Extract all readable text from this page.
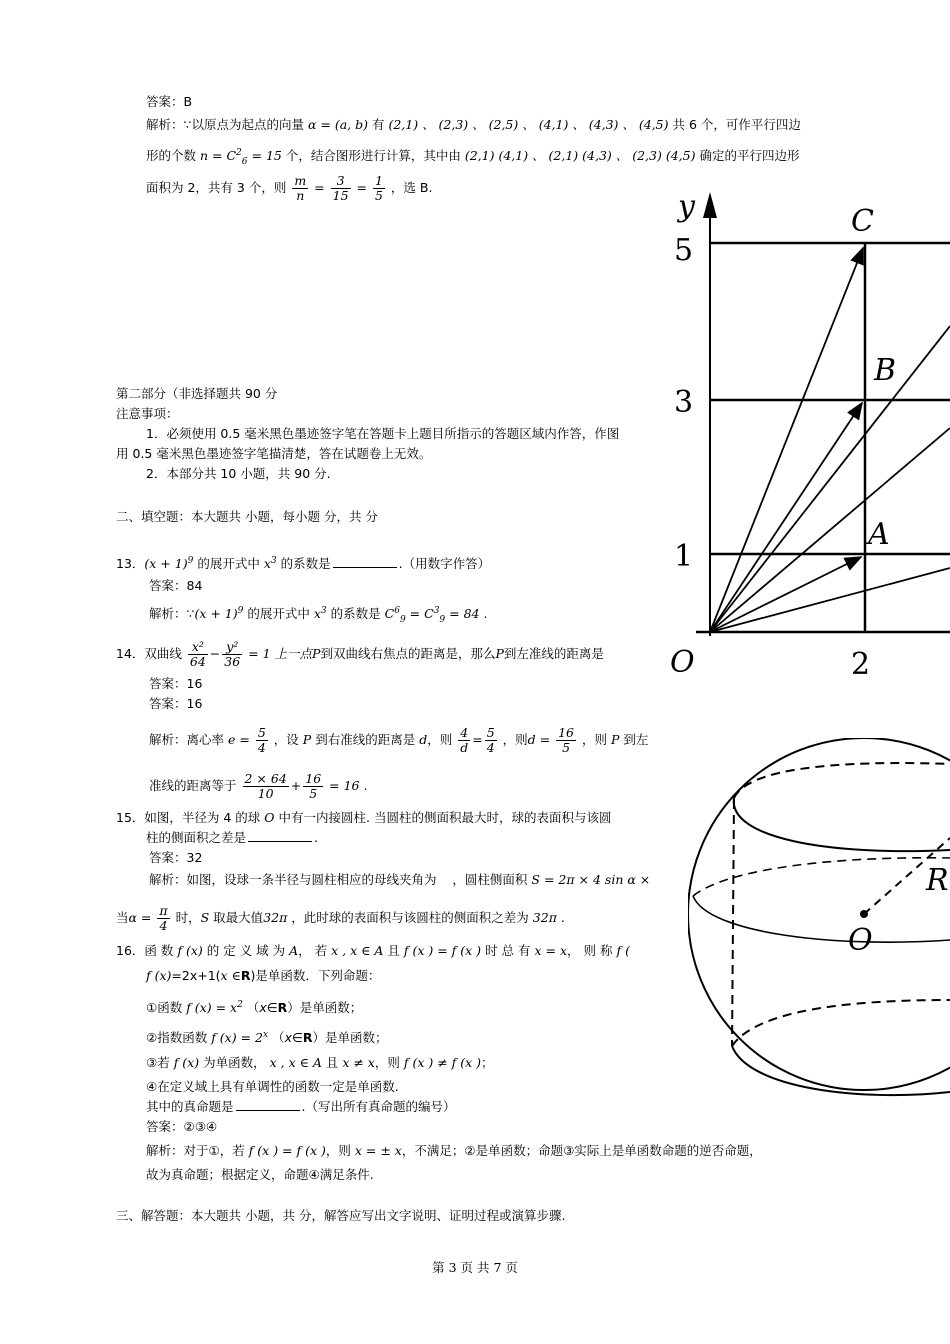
答案：B
解析：∵以原点为起点的向量 α = (a, b) 有 (2,1) 、 (2,3) 、 (2,5) 、 (4,1) 、 (4,3) 、 (4,5) 共 6 个，可作平行四边
形的个数 $n = C^2_6 = 15$ 个，结合图形进行计算，其中由 (2,1) (4,1) 、 (2,1) (4,3) 、 (2,3) (4,5) 确定的平行四边形
面积为 2，共有 3 个，则 $\frac{m}{n} = \frac{3}{15} = \frac{1}{5}$ ，选 B.
第二部分（非选择题共 90 分
注意事项：
1．必须使用 0.5 毫米黑色墨迹签字笔在答题卡上题目所指示的答题区域内作答，作图
用 0.5 毫米黑色墨迹签字笔描清楚，答在试题卷上无效。
2．本部分共 10 小题，共 90 分.
二、填空题：本大题共 小题，每小题 分，共 分
13．$(x + 1)^9$ 的展开式中 $x^3$ 的系数是	.（用数字作答）
答案：84
解析：∵(x + 1)$^9$ 的展开式中 $x^3$ 的系数是 $C^6_9 = C^3_9 = 84$ .
14．双曲线 $\frac{\text{x²}}{64} - \frac{\text{y²}}{36} = 1$ 上一点P到双曲线右焦点的距离是，那么P到左准线的距离是
答案：16
答案：16
解析：离心率 $e = \frac{5}{4}$ ，设 P 到右准线的距离是 d，则 $\frac{4}{d} = \frac{5}{4}$ ，则$d = \frac{16}{5}$ ，则 P 到左
准线的距离等于 $\frac{2 \times 64}{10} + \frac{16}{5} = 16$ .
15．如图，半径为 4 的球 O 中有一内接圆柱. 当圆柱的侧面积最大时，球的表面积与该圆
柱的侧面积之差是	.
答案：32
解析：如图，设球一条半径与圆柱相应的母线夹角为 ，圆柱侧面积 S = 2π × 4 sin α ×
当$\alpha = \frac{\pi}{4}$ 时，S 取最大值32π ，此时球的表面积与该圆柱的侧面积之差为 32π .
16．函 数 f (x) 的 定 义 域 为 A， 若 x , x ∈ A 且 f (x ) = f (x ) 时 总 有 x = x， 则 称 f (
f (x)=2x+1(x ∈R)是单函数．下列命题：
①函数 f $(x) = x^2$ （x∈R）是单函数；
②指数函数 f $(x) = 2^x$ （x∈R）是单函数；
③若 f (x) 为单函数， x , x ∈ A 且 x ≠ x，则 f (x ) ≠ f (x )；
④在定义域上具有单调性的函数一定是单函数.
其中的真命题是	.（写出所有真命题的编号）
答案：②③④
解析：对于①，若 f (x ) = f (x )，则 x = ± x，不满足；②是单函数；命题③实际上是单函数命题的逆否命题，
故为真命题；根据定义，命题④满足条件.
三、解答题：本大题共 小题，共 分，解答应写出文字说明、证明过程或演算步骤.
第 3 页 共 7 页
y	C
B
A
O
5
3
1
2
R
O
